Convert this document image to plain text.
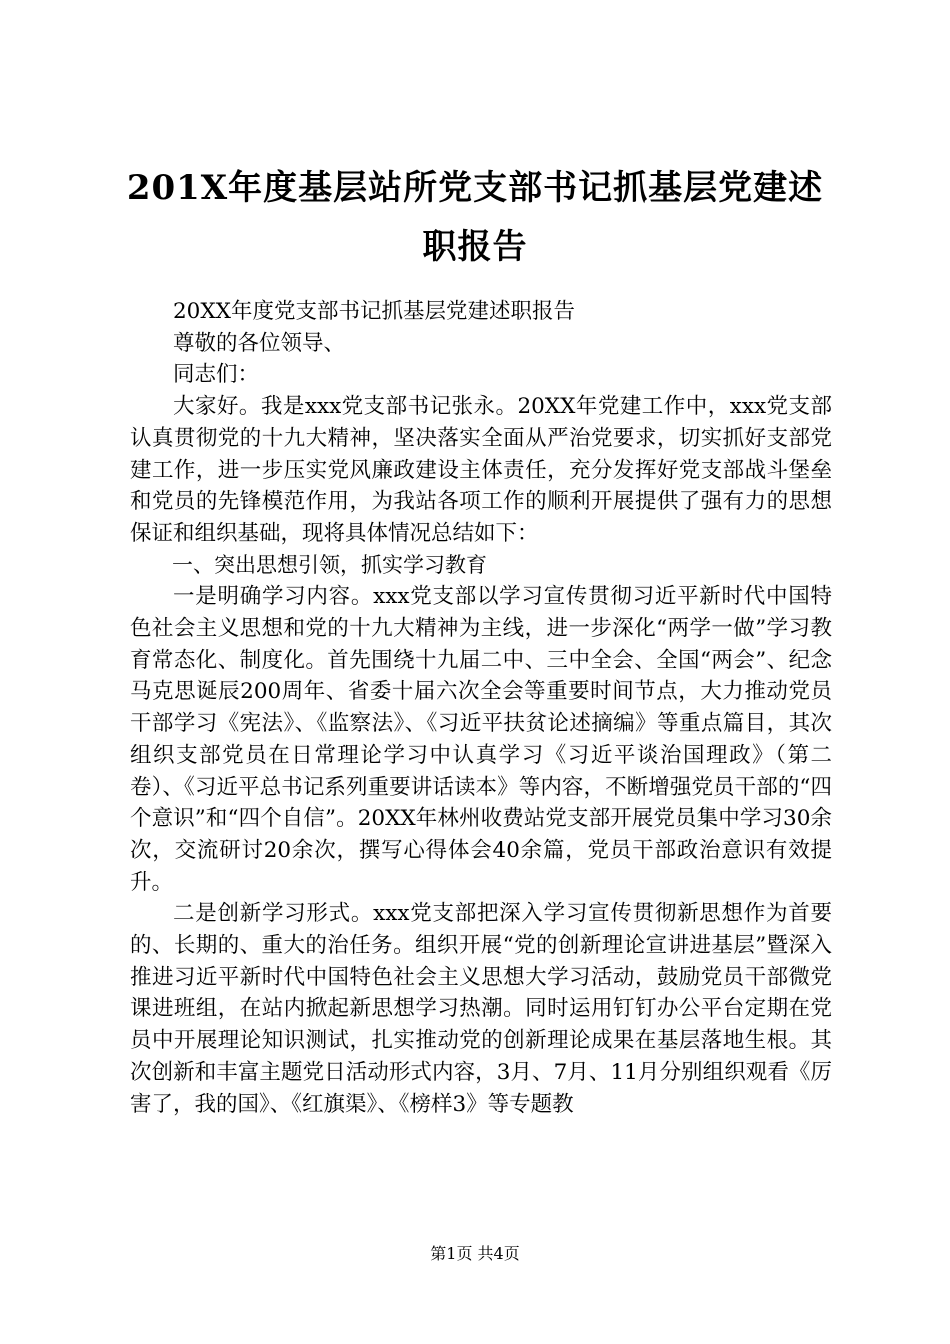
201X年度基层站所党支部书记抓基层党建述
职报告

20XX年度党支部书记抓基层党建述职报告

尊敬的各位领导、

同志们：

大家好。我是xxx党支部书记张永。20XX年党建工作中，xxx党支部认真贯彻党的十九大精神，坚决落实全面从严治党要求，切实抓好支部党建工作，进一步压实党风廉政建设主体责任，充分发挥好党支部战斗堡垒和党员的先锋模范作用，为我站各项工作的顺利开展提供了强有力的思想保证和组织基础，现将具体情况总结如下：

一、突出思想引领，抓实学习教育

一是明确学习内容。xxx党支部以学习宣传贯彻习近平新时代中国特色社会主义思想和党的十九大精神为主线，进一步深化“两学一做”学习教育常态化、制度化。首先围绕十九届二中、三中全会、全国“两会”、纪念马克思诞辰200周年、省委十届六次全会等重要时间节点，大力推动党员干部学习《宪法》、《监察法》、《习近平扶贫论述摘编》等重点篇目，其次组织支部党员在日常理论学习中认真学习《习近平谈治国理政》（第二卷）、《习近平总书记系列重要讲话读本》等内容，不断增强党员干部的“四个意识”和“四个自信”。20XX年林州收费站党支部开展党员集中学习30余次，交流研讨20余次，撰写心得体会40余篇，党员干部政治意识有效提升。

二是创新学习形式。xxx党支部把深入学习宣传贯彻新思想作为首要的、长期的、重大的治任务。组织开展“党的创新理论宣讲进基层”暨深入推进习近平新时代中国特色社会主义思想大学习活动，鼓励党员干部微党课进班组，在站内掀起新思想学习热潮。同时运用钉钉办公平台定期在党员中开展理论知识测试，扎实推动党的创新理论成果在基层落地生根。其次创新和丰富主题党日活动形式内容，3月、7月、11月分别组织观看《厉害了，我的国》、《红旗渠》、《榜样3》等专题教

第1页 共4页
